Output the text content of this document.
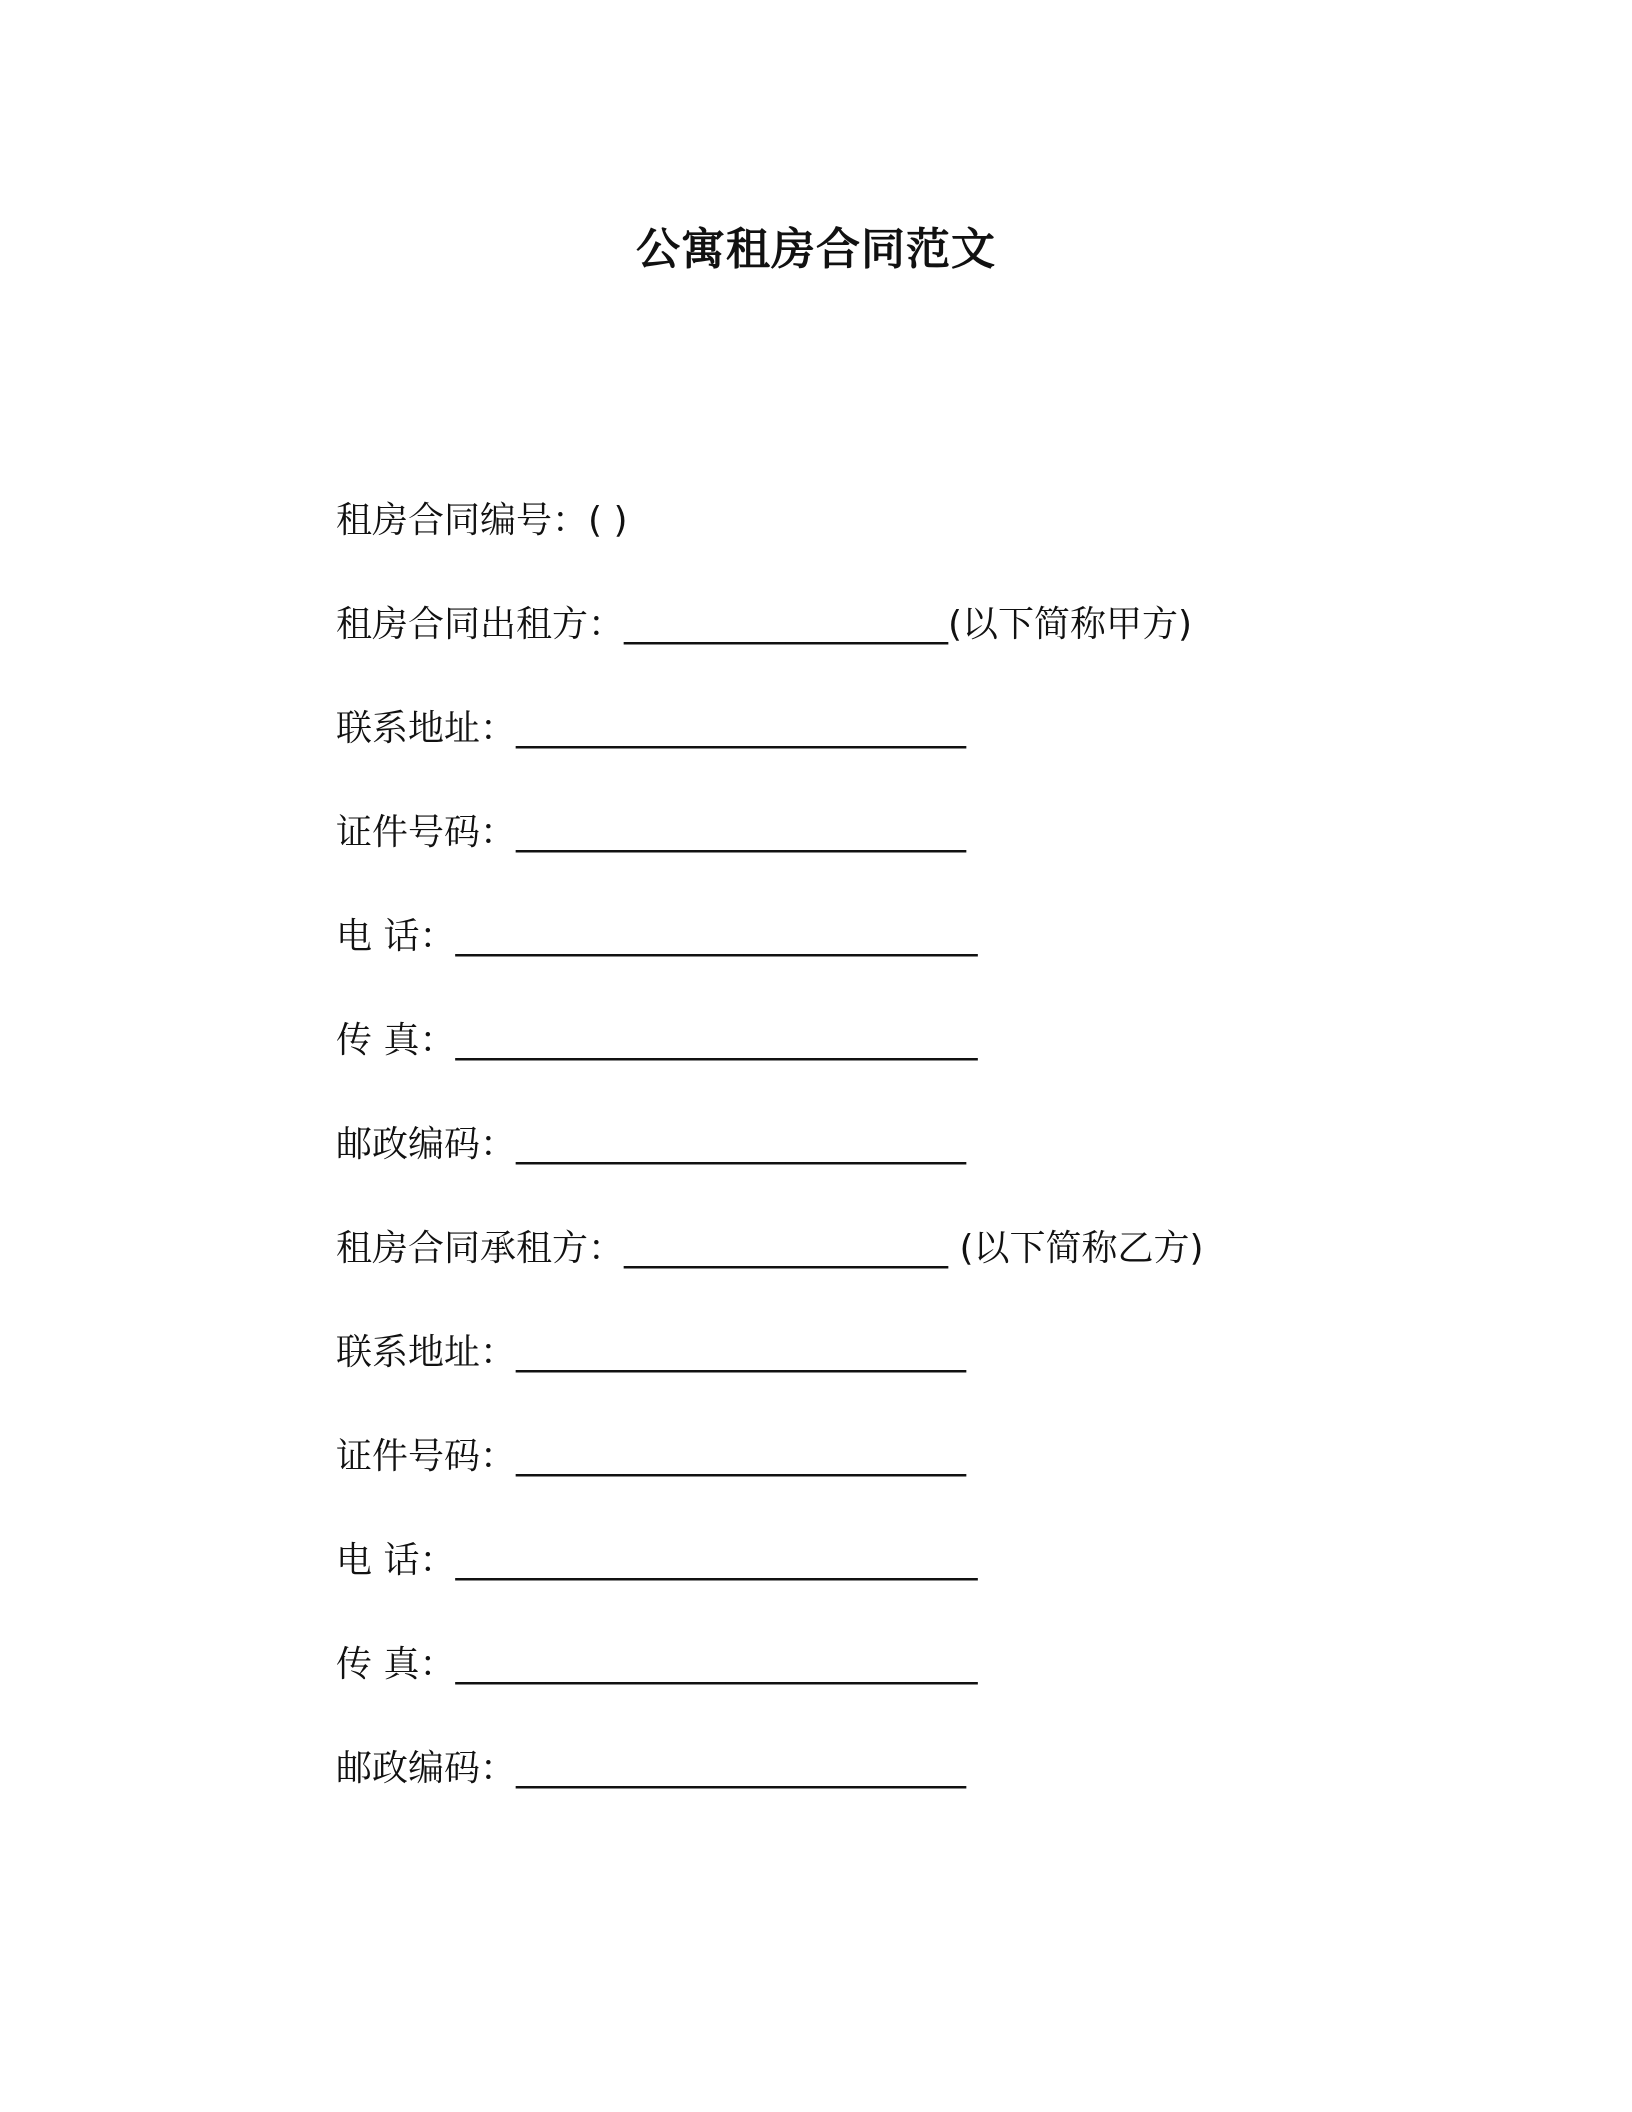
公寓租房合同范文
租房合同编号：( )
租房合同出租方：__________________(以下简称甲方)
联系地址：_________________________
证件号码：_________________________
电 话：_____________________________
传 真：_____________________________
邮政编码：_________________________
租房合同承租方：__________________ (以下简称乙方)
联系地址：_________________________
证件号码：_________________________
电 话：_____________________________
传 真：_____________________________
邮政编码：_________________________
